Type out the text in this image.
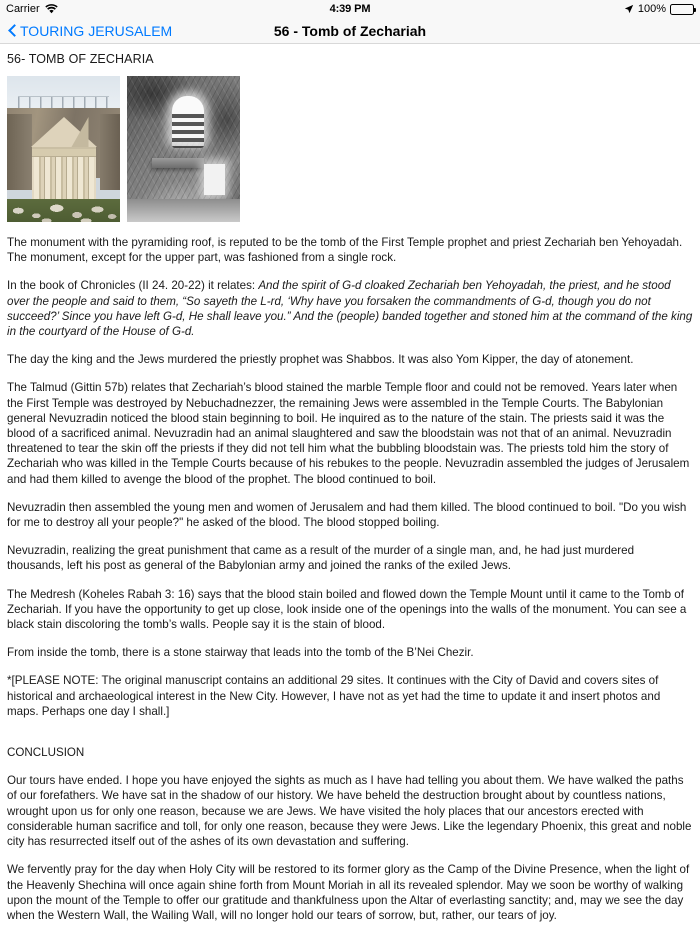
Carrier	4:39 PM	100%
TOURING JERUSALEM	56 - Tomb of Zechariah
56- TOMB OF ZECHARIA

The monument with the pyramiding roof, is reputed to be the tomb of the First Temple prophet and priest Zechariah ben Yehoyadah. The monument, except for the upper part, was fashioned from a single rock.

In the book of Chronicles (II 24. 20-22) it relates: And the spirit of G-d cloaked Zechariah ben Yehoyadah, the priest, and he stood over the people and said to them, “So sayeth the L-rd, ‘Why have you forsaken the commandments of G-d, though you do not succeed?’ Since you have left G-d, He shall leave you.” And the (people) banded together and stoned him at the command of the king in the courtyard of the House of G-d.

The day the king and the Jews murdered the priestly prophet was Shabbos. It was also Yom Kipper, the day of atonement.

The Talmud (Gittin 57b) relates that Zechariah’s blood stained the marble Temple floor and could not be removed. Years later when the First Temple was destroyed by Nebuchadnezzer, the remaining Jews were assembled in the Temple Courts. The Babylonian general Nevuzradin noticed the blood stain beginning to boil. He inquired as to the nature of the stain. The priests said it was the blood of a sacrificed animal. Nevuzradin had an animal slaughtered and saw the bloodstain was not that of an animal. Nevuzradin threatened to tear the skin off the priests if they did not tell him what the bubbling bloodstain was. The priests told him the story of Zechariah who was killed in the Temple Courts because of his rebukes to the people. Nevuzradin assembled the judges of Jerusalem and had them killed to avenge the blood of the prophet. The blood continued to boil.

Nevuzradin then assembled the young men and women of Jerusalem and had them killed. The blood continued to boil. "Do you wish for me to destroy all your people?" he asked of the blood. The blood stopped boiling.

Nevuzradin, realizing the great punishment that came as a result of the murder of a single man, and, he had just murdered thousands, left his post as general of the Babylonian army and joined the ranks of the exiled Jews.

The Medresh (Koheles Rabah 3: 16) says that the blood stain boiled and flowed down the Temple Mount until it came to the Tomb of Zechariah. If you have the opportunity to get up close, look inside one of the openings into the walls of the monument. You can see a black stain discoloring the tomb’s walls. People say it is the stain of blood.

From inside the tomb, there is a stone stairway that leads into the tomb of the B’Nei Chezir.

*[PLEASE NOTE: The original manuscript contains an additional 29 sites. It continues with the City of David and covers sites of historical and archaeological interest in the New City. However, I have not as yet had the time to update it and insert photos and maps. Perhaps one day I shall.]

CONCLUSION

Our tours have ended. I hope you have enjoyed the sights as much as I have had telling you about them. We have walked the paths of our forefathers. We have sat in the shadow of our history. We have beheld the destruction brought about by countless nations, wrought upon us for only one reason, because we are Jews. We have visited the holy places that our ancestors erected with considerable human sacrifice and toll, for only one reason, because they were Jews. Like the legendary Phoenix, this great and noble city has resurrected itself out of the ashes of its own devastation and suffering.

We fervently pray for the day when Holy City will be restored to its former glory as the Camp of the Divine Presence, when the light of the Heavenly Shechina will once again shine forth from Mount Moriah in all its revealed splendor. May we soon be worthy of walking upon the mount of the Temple to offer our gratitude and thankfulness upon the Altar of everlasting sanctity; and, may we see the day when the Western Wall, the Wailing Wall, will no longer hold our tears of sorrow, but, rather, our tears of joy.
